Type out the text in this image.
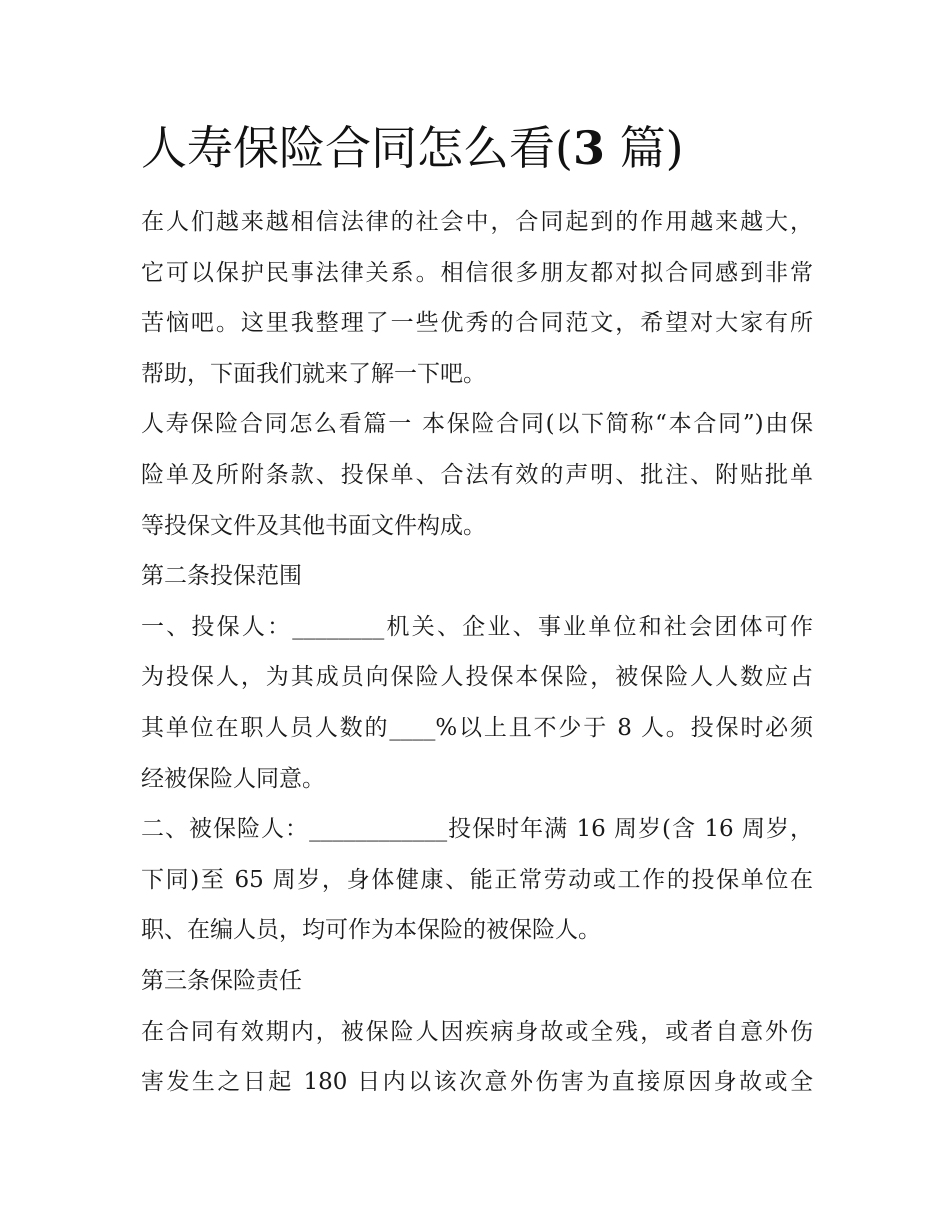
人寿保险合同怎么看(3 篇)
在人们越来越相信法律的社会中，合同起到的作用越来越大，
它可以保护民事法律关系。相信很多朋友都对拟合同感到非常
苦恼吧。这里我整理了一些优秀的合同范文，希望对大家有所
帮助，下面我们就来了解一下吧。
人寿保险合同怎么看篇一 本保险合同(以下简称“本合同”)由保
险单及所附条款、投保单、合法有效的声明、批注、附贴批单
等投保文件及其他书面文件构成。
第二条投保范围
一、投保人：________机关、企业、事业单位和社会团体可作
为投保人，为其成员向保险人投保本保险，被保险人人数应占
其单位在职人员人数的____%以上且不少于 8 人。投保时必须
经被保险人同意。
二、被保险人：____________投保时年满 16 周岁(含 16 周岁，
下同)至 65 周岁，身体健康、能正常劳动或工作的投保单位在
职、在编人员，均可作为本保险的被保险人。
第三条保险责任
在合同有效期内，被保险人因疾病身故或全残，或者自意外伤
害发生之日起 180 日内以该次意外伤害为直接原因身故或全
